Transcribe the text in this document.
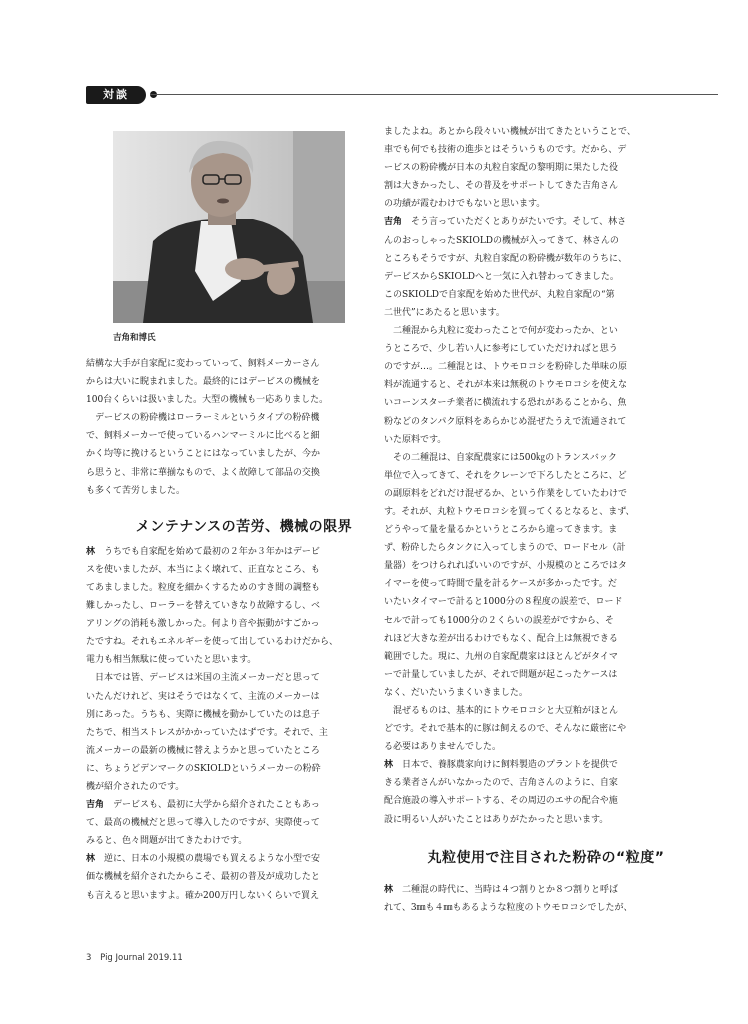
対談
吉角和博氏

結構な大手が自家配に変わっていって、飼料メーカーさん

からは大いに睨まれました。最終的にはデービスの機械を

100台くらいは扱いました。大型の機械も一応ありました。

　デービスの粉砕機はローラーミルというタイプの粉砕機

で、飼料メーカーで使っているハンマーミルに比べると細

かく均等に挽けるということにはなっていましたが、今か

ら思うと、非常に華揃なもので、よく故障して部品の交換

も多くて苦労しました。

林　うちでも自家配を始めて最初の２年か３年かはデービ

スを使いましたが、本当によく壊れて、正直なところ、も

てあましました。粒度を細かくするためのすき間の調整も

難しかったし、ローラーを替えていきなり故障するし、ベ

アリングの消耗も激しかった。何より音や振動がすごかっ

たですね。それもエネルギーを使って出しているわけだから、

電力も相当無駄に使っていたと思います。

　日本では皆、デービスは米国の主流メーカーだと思って

いたんだけれど、実はそうではなくて、主流のメーカーは

別にあった。うちも、実際に機械を動かしていたのは息子

たちで、相当ストレスがかかっていたはずです。それで、主

流メーカーの最新の機械に替えようかと思っていたところ

に、ちょうどデンマークのSKIOLDというメーカーの粉砕

機が紹介されたのです。

吉角　デービスも、最初に大学から紹介されたこともあっ

て、最高の機械だと思って導入したのですが、実際使って

みると、色々問題が出てきたわけです。

林　逆に、日本の小規模の農場でも買えるような小型で安

価な機械を紹介されたからこそ、最初の普及が成功したと

も言えると思いますよ。確か200万円しないくらいで買え

メンテナンスの苦労、機械の限界

ましたよね。あとから段々いい機械が出てきたということで、

車でも何でも技術の進歩とはそういうものです。だから、デ

ービスの粉砕機が日本の丸粒自家配の黎明期に果たした役

割は大きかったし、その普及をサポートしてきた吉角さん

の功績が霞むわけでもないと思います。

吉角　そう言っていただくとありがたいです。そして、林さ

んのおっしゃったSKIOLDの機械が入ってきて、林さんの

ところもそうですが、丸粒自家配の粉砕機が数年のうちに、

デービスからSKIOLDへと一気に入れ替わってきました。

このSKIOLDで自家配を始めた世代が、丸粒自家配の“第

二世代”にあたると思います。

　二種混から丸粒に変わったことで何が変わったか、とい

うところで、少し若い人に参考にしていただければと思う

のですが…。二種混とは、トウモロコシを粉砕した単味の原

料が流通すると、それが本来は無税のトウモロコシを使えな

いコーンスターチ業者に横流れする恐れがあることから、魚

粉などのタンパク原料をあらかじめ混ぜたうえで流通されて

いた原料です。

　その二種混は、自家配農家には500㎏のトランスバック

単位で入ってきて、それをクレーンで下ろしたところに、ど

の副原料をどれだけ混ぜるか、という作業をしていたわけで

す。それが、丸粒トウモロコシを買ってくるとなると、まず、

どうやって量を量るかというところから違ってきます。ま

ず、粉砕したらタンクに入ってしまうので、ロードセル（計

量器）をつけられればいいのですが、小規模のところではタ

イマーを使って時間で量を計るケースが多かったです。だ

いたいタイマーで計ると1000分の８程度の誤差で、ロード

セルで計っても1000分の２くらいの誤差がですから、そ

れほど大きな差が出るわけでもなく、配合上は無視できる

範囲でした。現に、九州の自家配農家はほとんどがタイマ

ーで計量していましたが、それで問題が起こったケースは

なく、だいたいうまくいきました。

　混ぜるものは、基本的にトウモロコシと大豆粕がほとん

どです。それで基本的に豚は飼えるので、そんなに厳密にや

る必要はありませんでした。

林　日本で、養豚農家向けに飼料製造のプラントを提供で

きる業者さんがいなかったので、吉角さんのように、自家

配合施設の導入サポートする、その周辺のエサの配合や施

設に明るい人がいたことはありがたかったと思います。

林　二種混の時代に、当時は４つ割りとか８つ割りと呼ば

れて、3㎜も４㎜もあるような粒度のトウモロコシでしたが、

丸粒使用で注目された粉砕の“粒度”
3 Pig Journal 2019.11
